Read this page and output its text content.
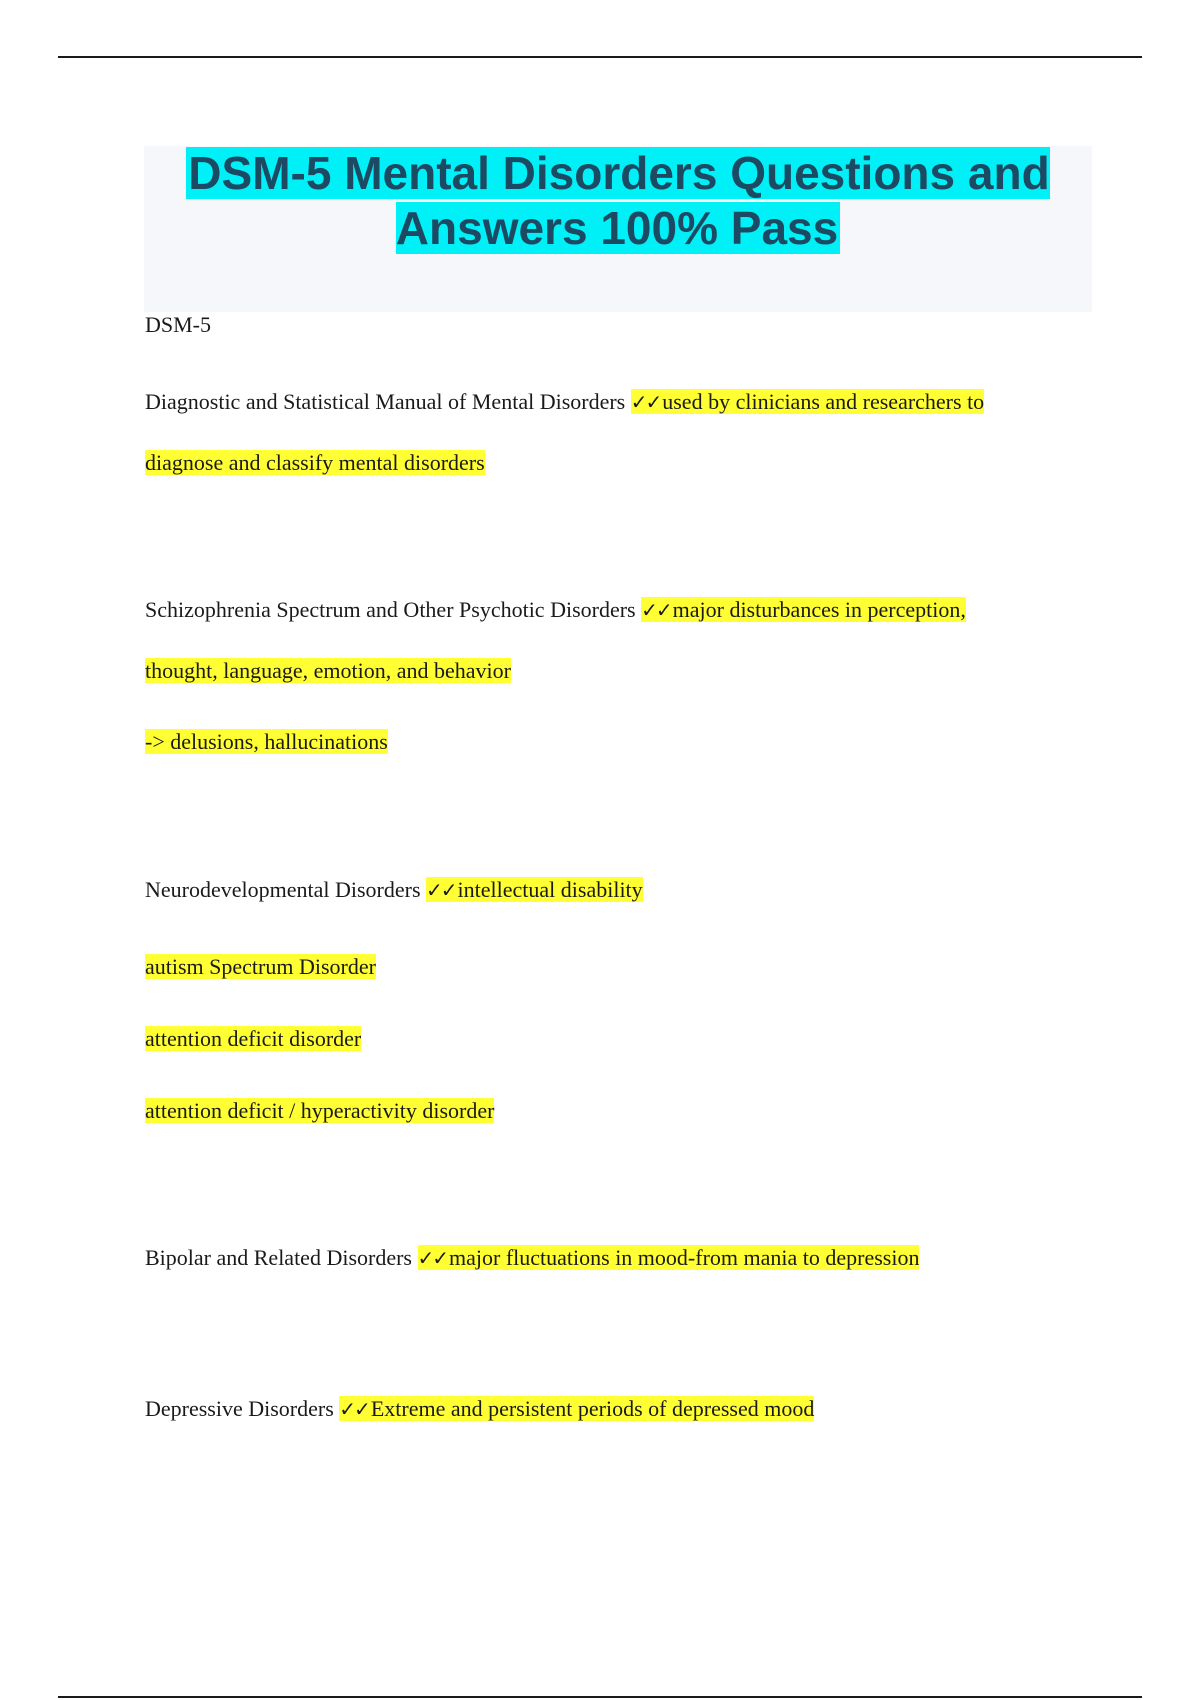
DSM-5 Mental Disorders Questions and Answers 100% Pass
DSM-5
Diagnostic and Statistical Manual of Mental Disorders ✓✓used by clinicians and researchers to
diagnose and classify mental disorders
Schizophrenia Spectrum and Other Psychotic Disorders ✓✓major disturbances in perception,
thought, language, emotion, and behavior
-> delusions, hallucinations
Neurodevelopmental Disorders ✓✓intellectual disability
autism Spectrum Disorder
attention deficit disorder
attention deficit / hyperactivity disorder
Bipolar and Related Disorders ✓✓major fluctuations in mood-from mania to depression
Depressive Disorders ✓✓Extreme and persistent periods of depressed mood
